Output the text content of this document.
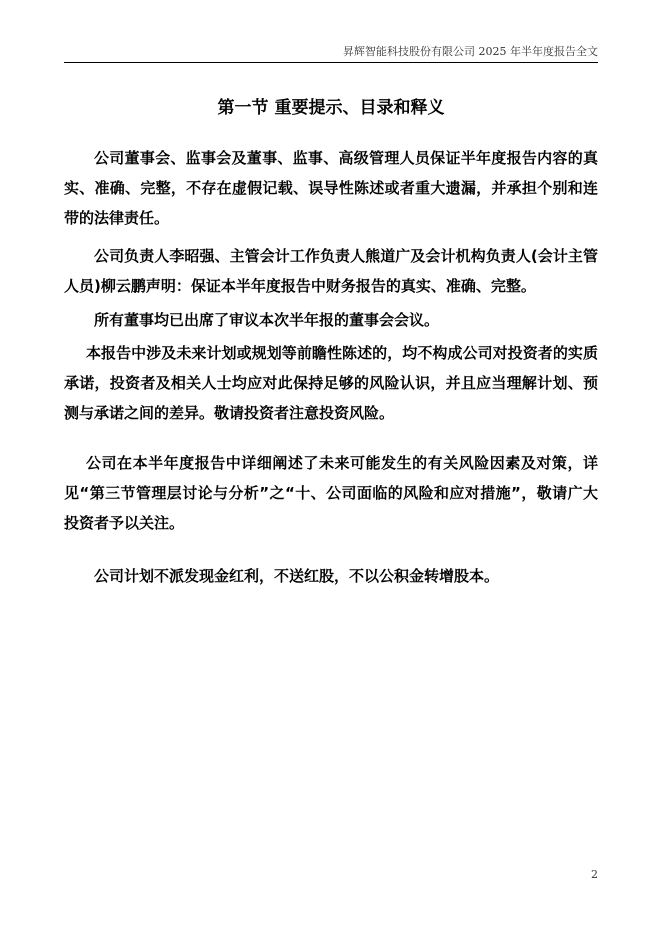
昇辉智能科技股份有限公司 2025 年半年度报告全文
第一节 重要提示、目录和释义

公司董事会、监事会及董事、监事、高级管理人员保证半年度报告内容的真实、准确、完整，不存在虚假记载、误导性陈述或者重大遗漏，并承担个别和连带的法律责任。

公司负责人李昭强、主管会计工作负责人熊道广及会计机构负责人(会计主管人员)柳云鹏声明：保证本半年度报告中财务报告的真实、准确、完整。

所有董事均已出席了审议本次半年报的董事会会议。

本报告中涉及未来计划或规划等前瞻性陈述的，均不构成公司对投资者的实质承诺，投资者及相关人士均应对此保持足够的风险认识，并且应当理解计划、预测与承诺之间的差异。敬请投资者注意投资风险。

公司在本半年度报告中详细阐述了未来可能发生的有关风险因素及对策，详见“第三节管理层讨论与分析”之“十、公司面临的风险和应对措施”，敬请广大投资者予以关注。

公司计划不派发现金红利，不送红股，不以公积金转增股本。

2
